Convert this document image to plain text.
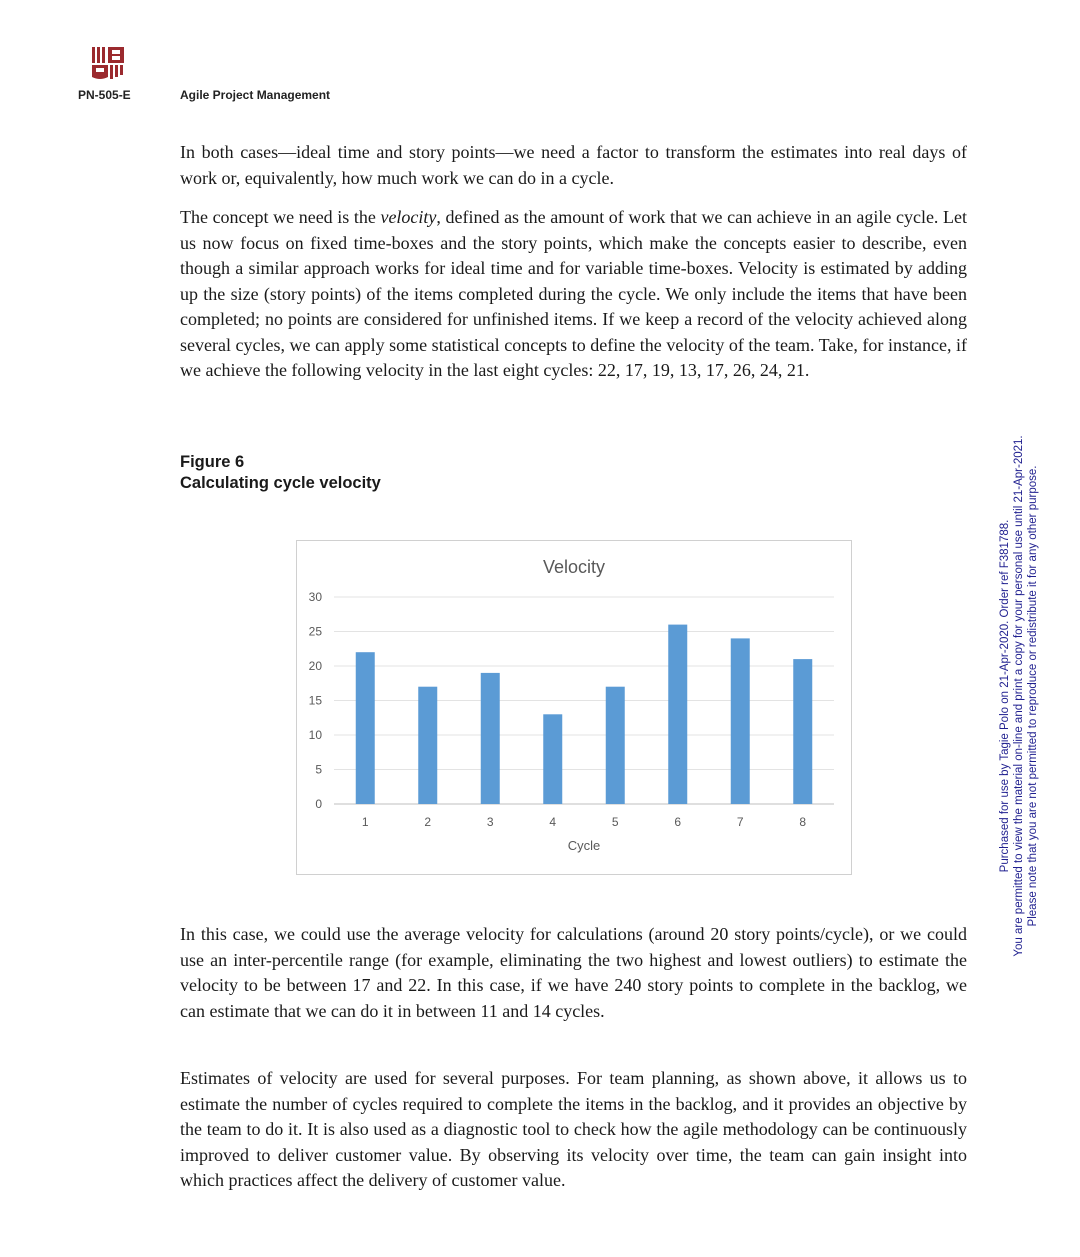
PN-505-E	Agile Project Management

In both cases—ideal time and story points—we need a factor to transform the estimates into real days of work or, equivalently, how much work we can do in a cycle.

The concept we need is the velocity, defined as the amount of work that we can achieve in an agile cycle. Let us now focus on fixed time-boxes and the story points, which make the concepts easier to describe, even though a similar approach works for ideal time and for variable time-boxes. Velocity is estimated by adding up the size (story points) of the items completed during the cycle. We only include the items that have been completed; no points are considered for unfinished items. If we keep a record of the velocity achieved along several cycles, we can apply some statistical concepts to define the velocity of the team. Take, for instance, if we achieve the following velocity in the last eight cycles: 22, 17, 19, 13, 17, 26, 24, 21.

Figure 6
Calculating cycle velocity
Velocity
Cycle
0
5
10
15
20
25
30
1	2	3	4	5	6	7	8

In this case, we could use the average velocity for calculations (around 20 story points/cycle), or we could use an inter-percentile range (for example, eliminating the two highest and lowest outliers) to estimate the velocity to be between 17 and 22. In this case, if we have 240 story points to complete in the backlog, we can estimate that we can do it in between 11 and 14 cycles.

Estimates of velocity are used for several purposes. For team planning, as shown above, it allows us to estimate the number of cycles required to complete the items in the backlog, and it provides an objective by the team to do it. It is also used as a diagnostic tool to check how the agile methodology can be continuously improved to deliver customer value. By observing its velocity over time, the team can gain insight into which practices affect the delivery of customer value.

Purchased for use by Tagie Polo on 21-Apr-2020. Order ref F381788. You are permitted to view the material on-line and print a copy for your personal use until 21-Apr-2021. Please note that you are not permitted to reproduce or redistribute it for any other purpose.
